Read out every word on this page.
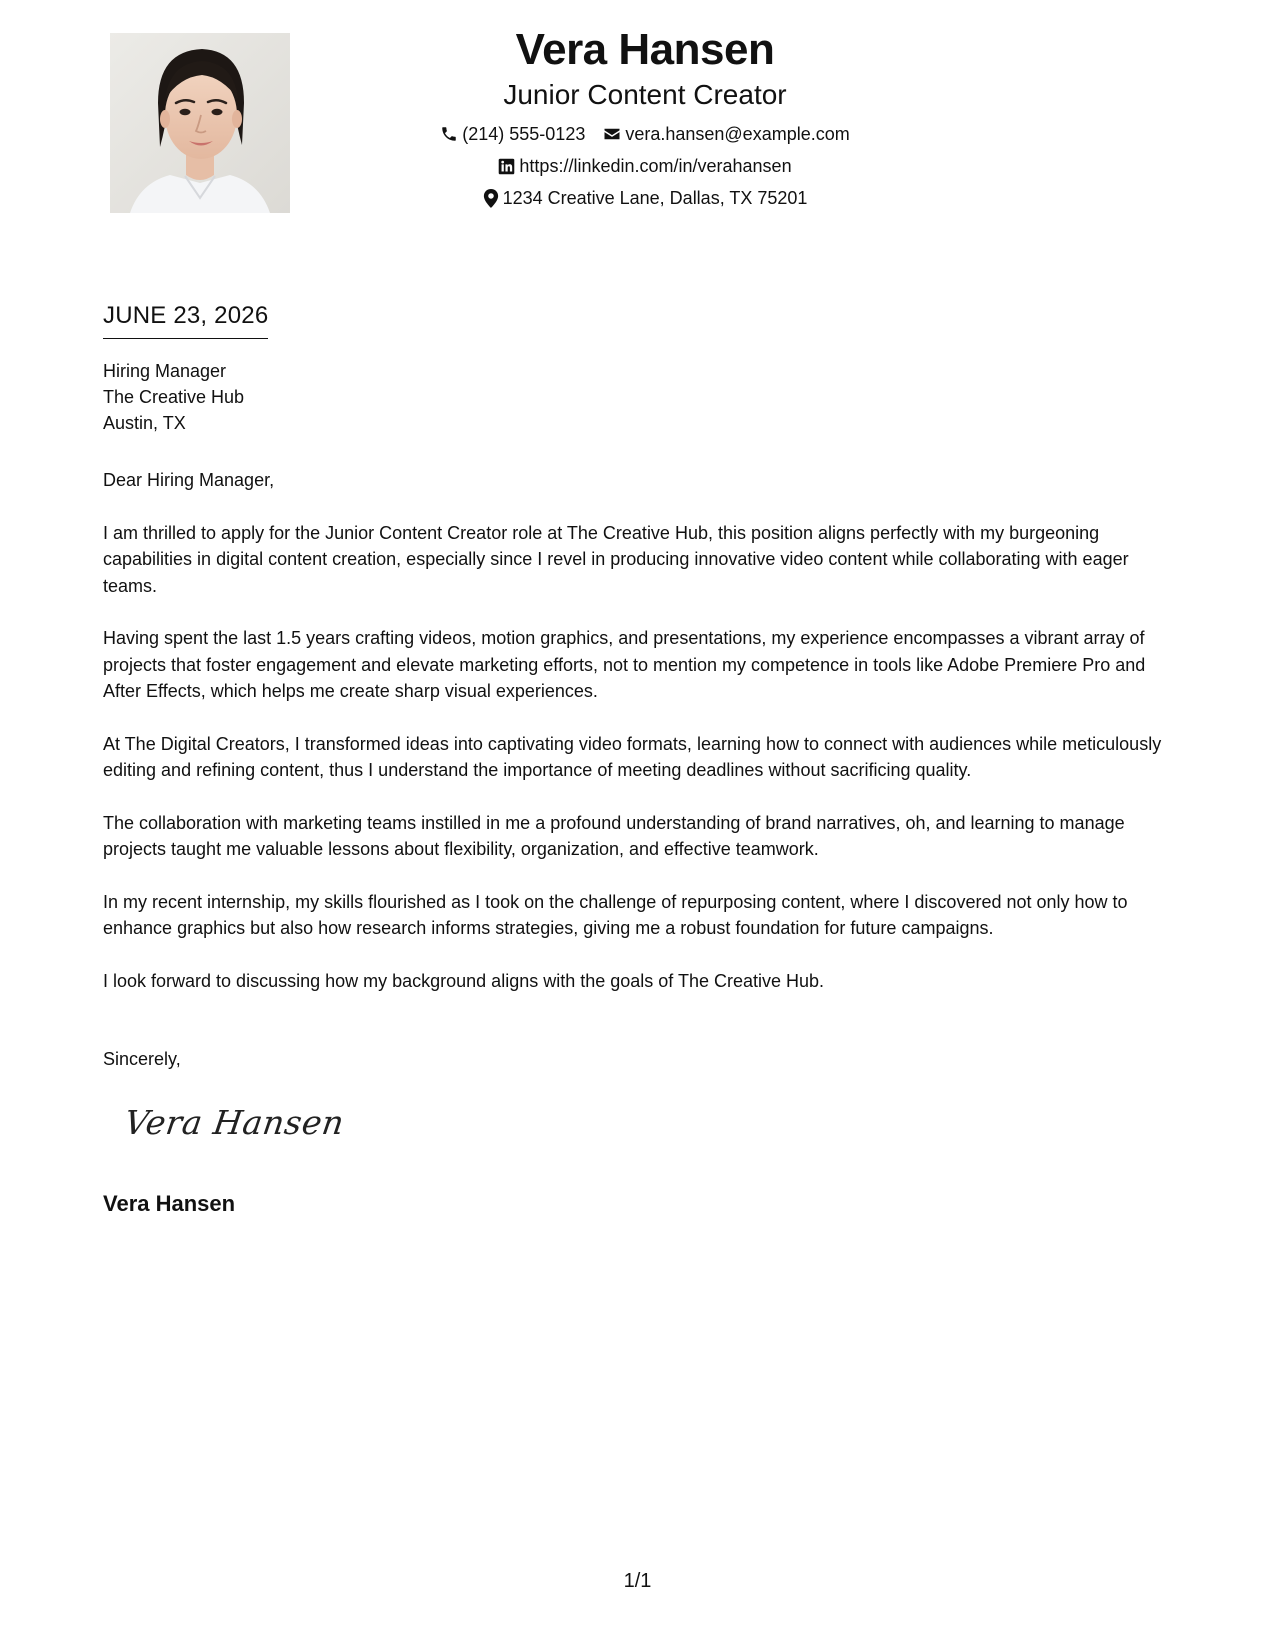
Vera Hansen
Junior Content Creator
(214) 555-0123 vera.hansen@example.com
https://linkedin.com/in/verahansen
1234 Creative Lane, Dallas, TX 75201
JUNE 23, 2026
Hiring Manager
The Creative Hub
Austin, TX

Dear Hiring Manager,

I am thrilled to apply for the Junior Content Creator role at The Creative Hub, this position aligns perfectly with my burgeoning capabilities in digital content creation, especially since I revel in producing innovative video content while collaborating with eager teams.

Having spent the last 1.5 years crafting videos, motion graphics, and presentations, my experience encompasses a vibrant array of projects that foster engagement and elevate marketing efforts, not to mention my competence in tools like Adobe Premiere Pro and After Effects, which helps me create sharp visual experiences.

At The Digital Creators, I transformed ideas into captivating video formats, learning how to connect with audiences while meticulously editing and refining content, thus I understand the importance of meeting deadlines without sacrificing quality.

The collaboration with marketing teams instilled in me a profound understanding of brand narratives, oh, and learning to manage projects taught me valuable lessons about flexibility, organization, and effective teamwork.

In my recent internship, my skills flourished as I took on the challenge of repurposing content, where I discovered not only how to enhance graphics but also how research informs strategies, giving me a robust foundation for future campaigns.

I look forward to discussing how my background aligns with the goals of The Creative Hub.

Sincerely,
Vera Hansen
Vera Hansen
1/1
